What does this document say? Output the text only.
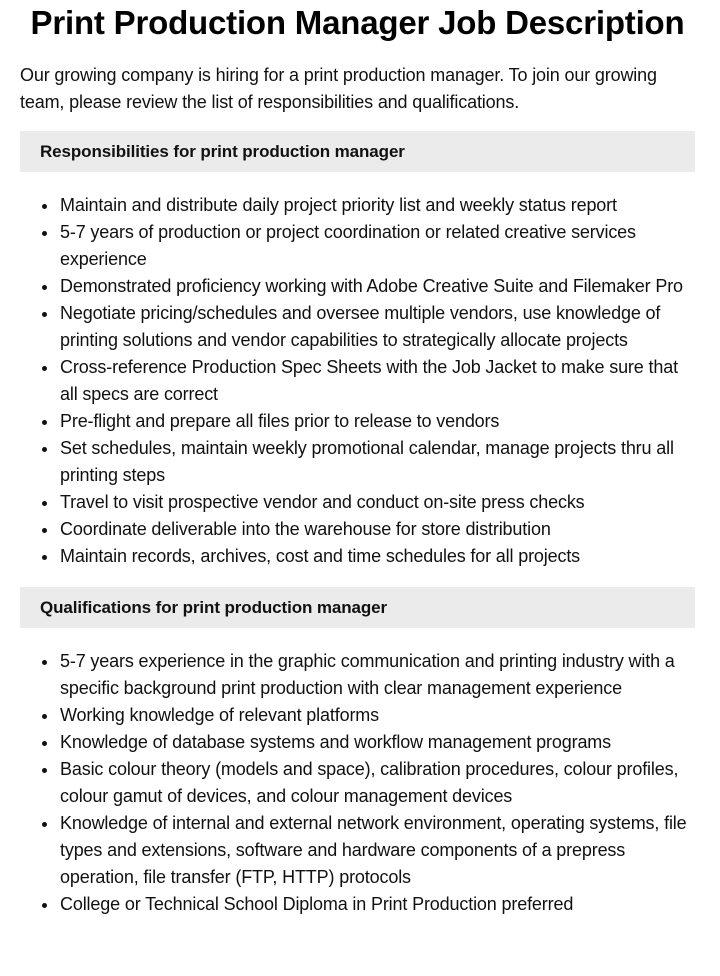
Print Production Manager Job Description

Our growing company is hiring for a print production manager. To join our growing team, please review the list of responsibilities and qualifications.

Responsibilities for print production manager
Maintain and distribute daily project priority list and weekly status report
5-7 years of production or project coordination or related creative services experience
Demonstrated proficiency working with Adobe Creative Suite and Filemaker Pro
Negotiate pricing/schedules and oversee multiple vendors, use knowledge of printing solutions and vendor capabilities to strategically allocate projects
Cross-reference Production Spec Sheets with the Job Jacket to make sure that all specs are correct
Pre-flight and prepare all files prior to release to vendors
Set schedules, maintain weekly promotional calendar, manage projects thru all printing steps
Travel to visit prospective vendor and conduct on-site press checks
Coordinate deliverable into the warehouse for store distribution
Maintain records, archives, cost and time schedules for all projects
Qualifications for print production manager
5-7 years experience in the graphic communication and printing industry with a specific background print production with clear management experience
Working knowledge of relevant platforms
Knowledge of database systems and workflow management programs
Basic colour theory (models and space), calibration procedures, colour profiles, colour gamut of devices, and colour management devices
Knowledge of internal and external network environment, operating systems, file types and extensions, software and hardware components of a prepress operation, file transfer (FTP, HTTP) protocols
College or Technical School Diploma in Print Production preferred
